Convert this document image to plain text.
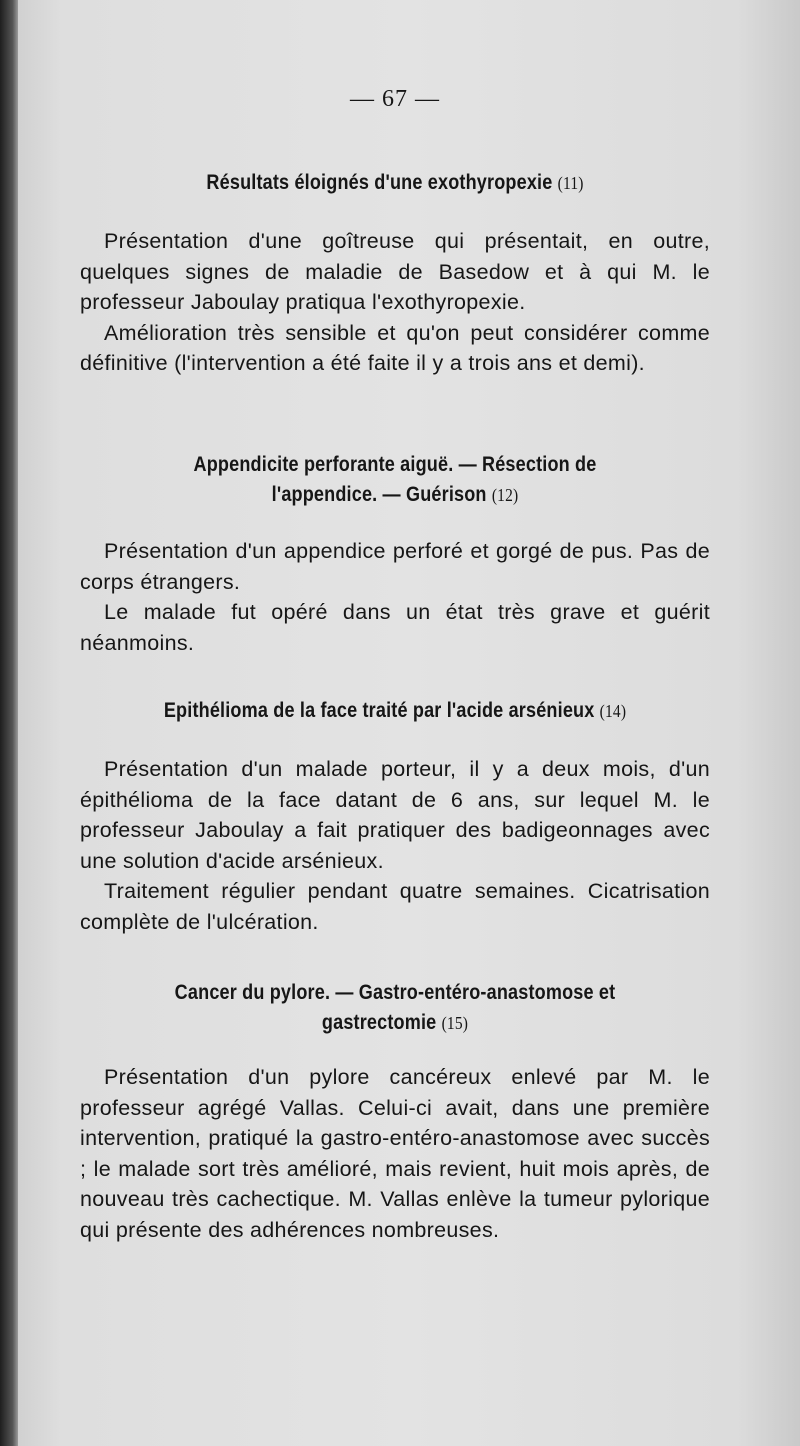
— 67 —
Résultats éloignés d'une exothyropexie (11)

Présentation d'une goîtreuse qui présentait, en outre, quelques signes de maladie de Basedow et à qui M. le professeur Jaboulay pratiqua l'exothyropexie.

Amélioration très sensible et qu'on peut considérer comme définitive (l'intervention a été faite il y a trois ans et demi).

Appendicite perforante aiguë. — Résection de l'appendice. — Guérison (12)

Présentation d'un appendice perforé et gorgé de pus. Pas de corps étrangers.

Le malade fut opéré dans un état très grave et guérit néanmoins.

Epithélioma de la face traité par l'acide arsénieux (14)

Présentation d'un malade porteur, il y a deux mois, d'un épithélioma de la face datant de 6 ans, sur lequel M. le professeur Jaboulay a fait pratiquer des badigeonnages avec une solution d'acide arsénieux.

Traitement régulier pendant quatre semaines. Cicatrisation complète de l'ulcération.

Cancer du pylore. — Gastro-entéro-anastomose et gastrectomie (15)

Présentation d'un pylore cancéreux enlevé par M. le professeur agrégé Vallas. Celui-ci avait, dans une première intervention, pratiqué la gastro-entéro-anastomose avec succès ; le malade sort très amélioré, mais revient, huit mois après, de nouveau très cachectique. M. Vallas enlève la tumeur pylorique qui présente des adhérences nombreuses.
